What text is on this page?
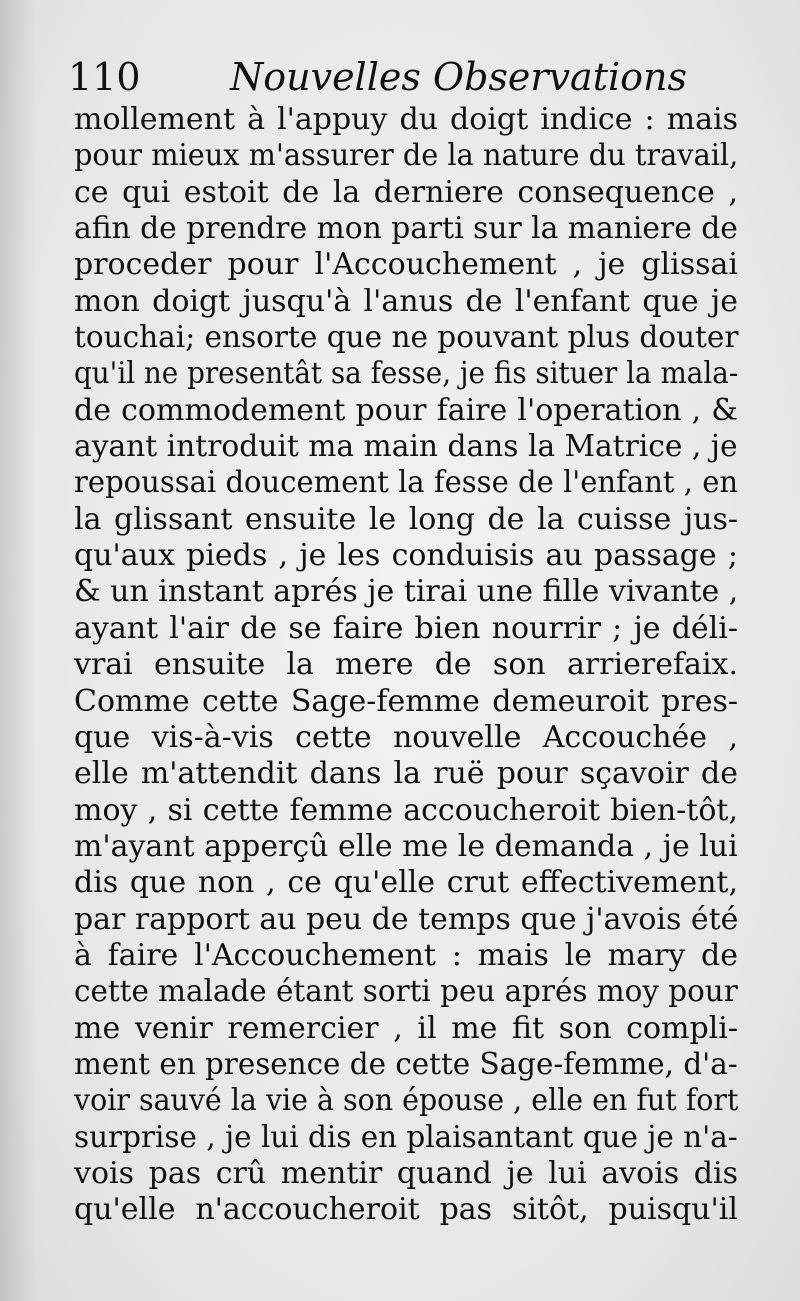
110 Nouvelles Observations
mollement à l'appuy du doigt indice : mais
pour mieux m'assurer de la nature du travail,
ce qui estoit de la derniere consequence ,
afin de prendre mon parti sur la maniere de
proceder pour l'Accouchement , je glissai
mon doigt jusqu'à l'anus de l'enfant que je
touchai; ensorte que ne pouvant plus douterqu'il ne presentât sa fesse, je fis situer la mala-
de commodement pour faire l'operation , &
ayant introduit ma main dans la Matrice , jerepoussai doucement la fesse de l'enfant , en
la glissant ensuite le long de la cuisse jus-
qu'aux pieds , je les conduisis au passage ;
& un instant aprés je tirai une fille vivante ,
ayant l'air de se faire bien nourrir ; je déli-
vrai ensuite la mere de son arrierefaix.
Comme cette Sage-femme demeuroit pres-
que vis-à-vis cette nouvelle Accouchée ,
elle m'attendit dans la ruë pour sçavoir de
moy , si cette femme accoucheroit bien-tôt,
m'ayant apperçû elle me le demanda , je lui
dis que non , ce qu'elle crut effectivement,
par rapport au peu de temps que j'avois été
à faire l'Accouchement : mais le mary de
cette malade étant sorti peu aprés moy pour
me venir remercier , il me fit son compli-
ment en presence de cette Sage-femme, d'a-voir sauvé la vie à son épouse , elle en fut fortsurprise , je lui dis en plaisantant que je n'a-
vois pas crû mentir quand je lui avois dis
qu'elle n'accoucheroit pas sitôt, puisqu'il
